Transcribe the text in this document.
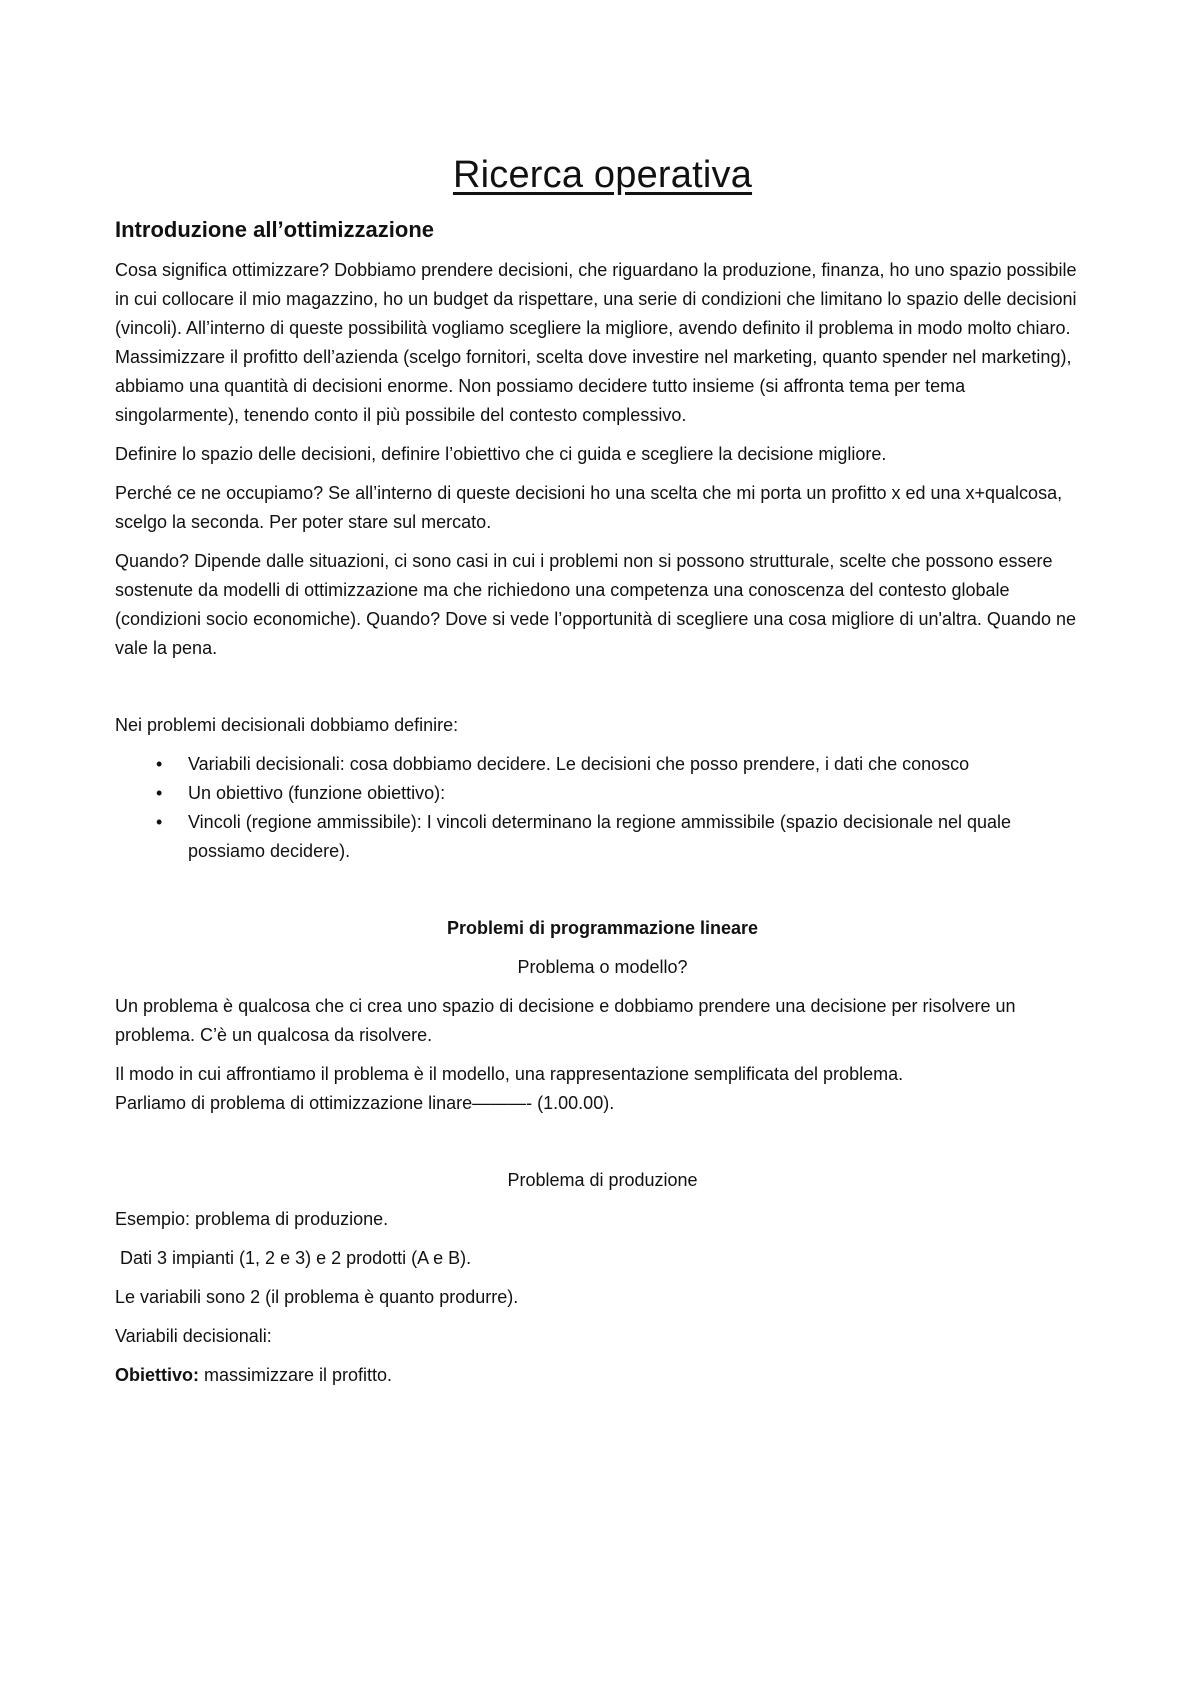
Ricerca operativa
Introduzione all’ottimizzazione

Cosa significa ottimizzare? Dobbiamo prendere decisioni, che riguardano la produzione, finanza, ho uno spazio possibile in cui collocare il mio magazzino, ho un budget da rispettare, una serie di condizioni che limitano lo spazio delle decisioni (vincoli). All’interno di queste possibilità vogliamo scegliere la migliore, avendo definito il problema in modo molto chiaro. Massimizzare il profitto dell’azienda (scelgo fornitori, scelta dove investire nel marketing, quanto spender nel marketing), abbiamo una quantità di decisioni enorme. Non possiamo decidere tutto insieme (si affronta tema per tema singolarmente), tenendo conto il più possibile del contesto complessivo.

Definire lo spazio delle decisioni, definire l’obiettivo che ci guida e scegliere la decisione migliore.

Perché ce ne occupiamo? Se all’interno di queste decisioni ho una scelta che mi porta un profitto x ed una x+qualcosa, scelgo la seconda. Per poter stare sul mercato.

Quando? Dipende dalle situazioni, ci sono casi in cui i problemi non si possono strutturale, scelte che possono essere sostenute da modelli di ottimizzazione ma che richiedono una competenza una conoscenza del contesto globale (condizioni socio economiche). Quando? Dove si vede l’opportunità di scegliere una cosa migliore di un'altra. Quando ne vale la pena.

Nei problemi decisionali dobbiamo definire:

• Variabili decisionali: cosa dobbiamo decidere. Le decisioni che posso prendere, i dati che conosco
• Un obiettivo (funzione obiettivo):
• Vincoli (regione ammissibile): I vincoli determinano la regione ammissibile (spazio decisionale nel quale possiamo decidere).

Problemi di programmazione lineare

Problema o modello?

Un problema è qualcosa che ci crea uno spazio di decisione e dobbiamo prendere una decisione per risolvere un problema. C’è un qualcosa da risolvere.

Il modo in cui affrontiamo il problema è il modello, una rappresentazione semplificata del problema.

Parliamo di problema di ottimizzazione linare———- (1.00.00).

Problema di produzione

Esempio: problema di produzione.

Dati 3 impianti (1, 2 e 3) e 2 prodotti (A e B).

Le variabili sono 2 (il problema è quanto produrre).

Variabili decisionali:

Obiettivo: massimizzare il profitto.
